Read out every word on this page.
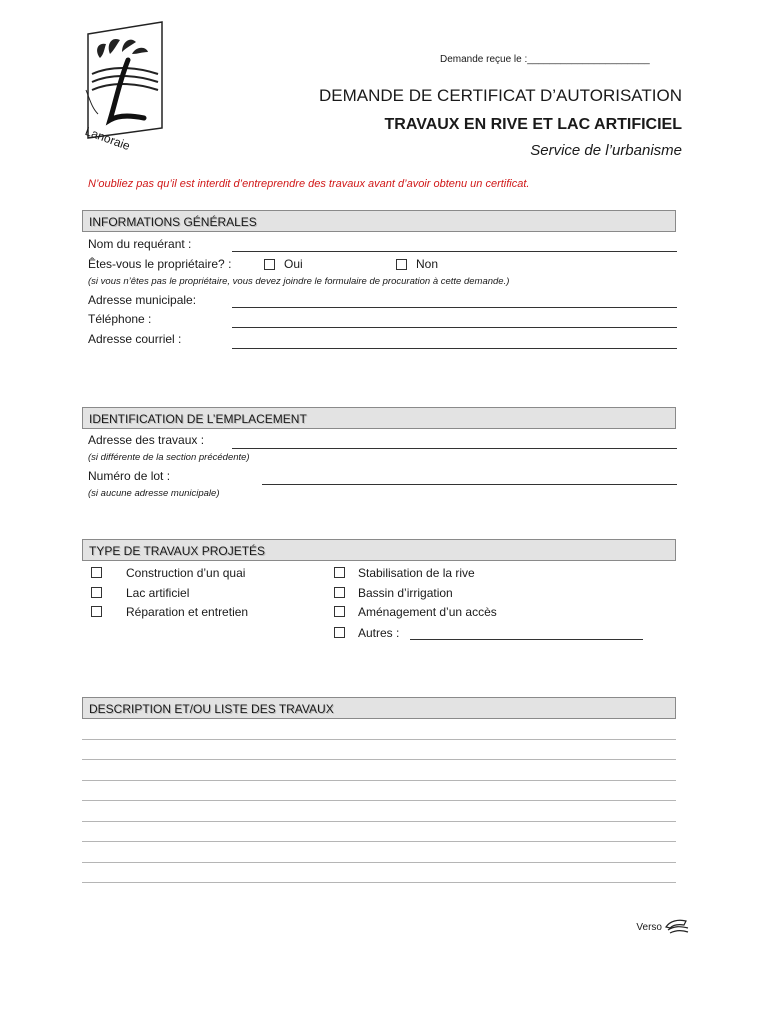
Lanoraie
Demande reçue le :______________________
DEMANDE DE CERTIFICAT D’AUTORISATION
TRAVAUX EN RIVE ET LAC ARTIFICIEL
Service de l’urbanisme
N’oubliez pas qu’il est interdit d’entreprendre des travaux avant d’avoir obtenu un certificat.
INFORMATIONS GÉNÉRALES
Nom du requérant :
Êtes-vous le propriétaire? :	Oui	Non
(si vous n’êtes pas le propriétaire, vous devez joindre le formulaire de procuration à cette demande.)
Adresse municipale:
Téléphone :
Adresse courriel :
IDENTIFICATION DE L’EMPLACEMENT
Adresse des travaux :
(si différente de la section précédente)
Numéro de lot :
(si aucune adresse municipale)
TYPE DE TRAVAUX PROJETÉS
Construction d’un quai
Lac artificiel
Réparation et entretien
Stabilisation de la rive
Bassin d’irrigation
Aménagement d’un accès
Autres :
DESCRIPTION ET/OU LISTE DES TRAVAUX
Verso
